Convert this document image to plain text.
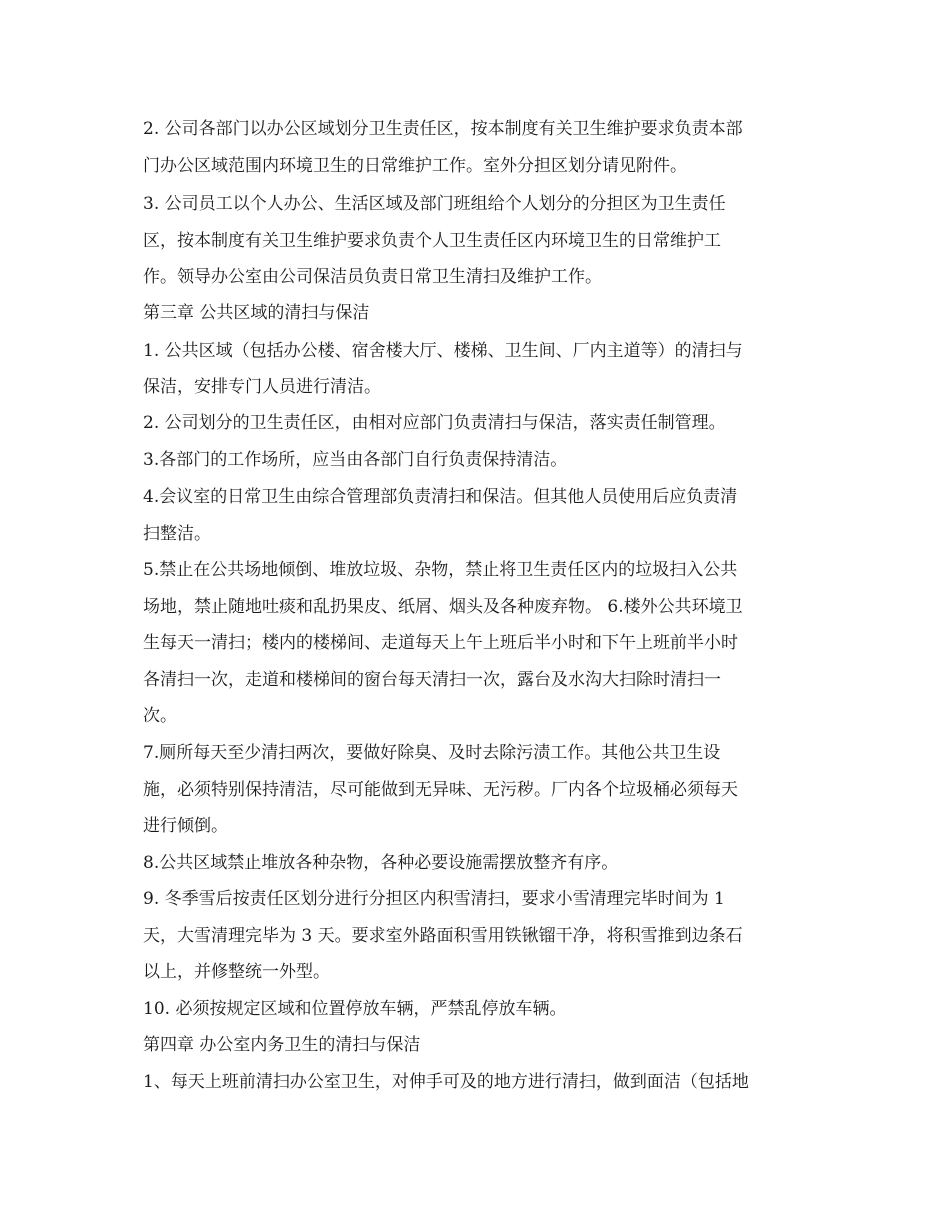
2. 公司各部门以办公区域划分卫生责任区，按本制度有关卫生维护要求负责本部
门办公区域范围内环境卫生的日常维护工作。室外分担区划分请见附件。
3. 公司员工以个人办公、生活区域及部门班组给个人划分的分担区为卫生责任
区，按本制度有关卫生维护要求负责个人卫生责任区内环境卫生的日常维护工
作。领导办公室由公司保洁员负责日常卫生清扫及维护工作。
第三章 公共区域的清扫与保洁
1. 公共区域（包括办公楼、宿舍楼大厅、楼梯、卫生间、厂内主道等）的清扫与
保洁，安排专门人员进行清洁。
2. 公司划分的卫生责任区，由相对应部门负责清扫与保洁，落实责任制管理。
3.各部门的工作场所，应当由各部门自行负责保持清洁。
4.会议室的日常卫生由综合管理部负责清扫和保洁。但其他人员使用后应负责清
扫整洁。
5.禁止在公共场地倾倒、堆放垃圾、杂物，禁止将卫生责任区内的垃圾扫入公共
场地，禁止随地吐痰和乱扔果皮、纸屑、烟头及各种废弃物。 6.楼外公共环境卫
生每天一清扫；楼内的楼梯间、走道每天上午上班后半小时和下午上班前半小时
各清扫一次，走道和楼梯间的窗台每天清扫一次，露台及水沟大扫除时清扫一
次。
7.厕所每天至少清扫两次，要做好除臭、及时去除污渍工作。其他公共卫生设
施，必须特别保持清洁，尽可能做到无异味、无污秽。厂内各个垃圾桶必须每天
进行倾倒。
8.公共区域禁止堆放各种杂物，各种必要设施需摆放整齐有序。
9. 冬季雪后按责任区划分进行分担区内积雪清扫，要求小雪清理完毕时间为 1
天，大雪清理完毕为 3 天。要求室外路面积雪用铁锹镏干净，将积雪推到边条石
以上，并修整统一外型。
10. 必须按规定区域和位置停放车辆，严禁乱停放车辆。
第四章 办公室内务卫生的清扫与保洁
1、每天上班前清扫办公室卫生，对伸手可及的地方进行清扫，做到面洁（包括地
